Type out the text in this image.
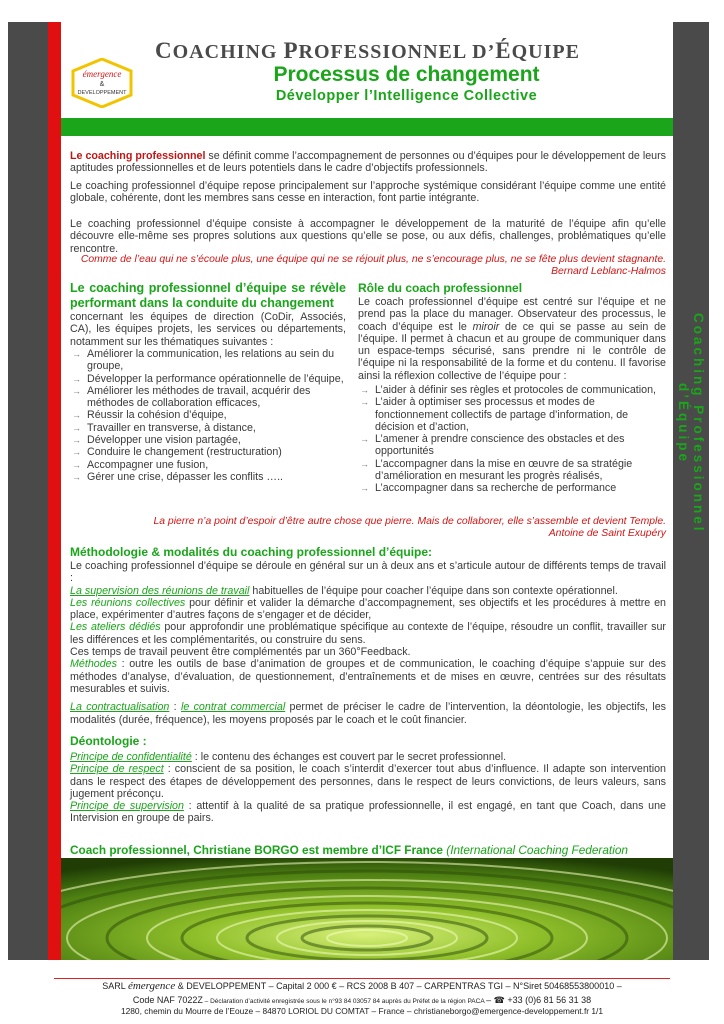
Coaching Professionnel d’Équipe
COACHING PROFESSIONNEL D’ÉQUIPE
émergence
&
DEVELOPPEMENT
Processus de changement
Développer l’Intelligence Collective
Le coaching professionnel se définit comme l’accompagnement de personnes ou d’équipes pour le développement de leurs aptitudes professionnelles et de leurs potentiels dans le cadre d’objectifs professionnels.
Le coaching professionnel d’équipe repose principalement sur l’approche systémique considérant l’équipe comme une entité globale, cohérente, dont les membres sans cesse en interaction, font partie intégrante.
Le coaching professionnel d’équipe consiste à accompagner le développement de la maturité de l’équipe afin qu’elle découvre elle-même ses propres solutions aux questions qu’elle se pose, ou aux défis, challenges, problématiques qu’elle rencontre.
Comme de l’eau qui ne s’écoule plus, une équipe qui ne se réjouit plus, ne s’encourage plus, ne se fête plus devient stagnante.
Bernard Leblanc-Halmos
Le coaching professionnel d’équipe se révèle performant dans la conduite du changement
concernant les équipes de direction (CoDir, Associés, CA), les équipes projets, les services ou départements, notamment sur les thématiques suivantes :
→ Améliorer la communication, les relations au sein du groupe,
→ Développer la performance opérationnelle de l’équipe,
→ Améliorer les méthodes de travail, acquérir des méthodes de collaboration efficaces,
→ Réussir la cohésion d’équipe,
→ Travailler en transverse, à distance,
→ Développer une vision partagée,
→ Conduire le changement (restructuration)
→ Accompagner une fusion,
→ Gérer une crise, dépasser les conflits …..
Rôle du coach professionnel
Le coach professionnel d’équipe est centré sur l’équipe et ne prend pas la place du manager. Observateur des processus, le coach d’équipe est le miroir de ce qui se passe au sein de l’équipe. Il permet à chacun et au groupe de communiquer dans un espace-temps sécurisé, sans prendre ni le contrôle de l’équipe ni la responsabilité de la forme et du contenu. Il favorise ainsi la réflexion collective de l’équipe pour :
→ L’aider à définir ses règles et protocoles de communication,
→ L’aider à optimiser ses processus et modes de fonctionnement collectifs de partage d’information, de décision et d’action,
→ L’amener à prendre conscience des obstacles et des opportunités
→ L’accompagner dans la mise en œuvre de sa stratégie d’amélioration en mesurant les progrès réalisés,
→ L’accompagner dans sa recherche de performance
La pierre n’a point d’espoir d’être autre chose que pierre. Mais de collaborer, elle s’assemble et devient Temple.
Antoine de Saint Exupéry
Méthodologie & modalités du coaching professionnel d’équipe:
Le coaching professionnel d’équipe se déroule en général sur un à deux ans et s’articule autour de différents temps de travail :
La supervision des réunions de travail habituelles de l’équipe pour coacher l’équipe dans son contexte opérationnel.
Les réunions collectives pour définir et valider la démarche d’accompagnement, ses objectifs et les procédures à mettre en place, expérimenter d’autres façons de s’engager et de décider,
Les ateliers dédiés pour approfondir une problématique spécifique au contexte de l’équipe, résoudre un conflit, travailler sur les différences et les complémentarités, ou construire du sens.
Ces temps de travail peuvent être complémentés par un 360°Feedback.
Méthodes : outre les outils de base d’animation de groupes et de communication, le coaching d’équipe s’appuie sur des méthodes d’analyse, d’évaluation, de questionnement, d’entraînements et de mises en œuvre, centrées sur des résultats mesurables et suivis.
La contractualisation : le contrat commercial permet de préciser le cadre de l’intervention, la déontologie, les objectifs, les modalités (durée, fréquence), les moyens proposés par le coach et le coût financier.
Déontologie :
Principe de confidentialité : le contenu des échanges est couvert par le secret professionnel.
Principe de respect : conscient de sa position, le coach s’interdit d’exercer tout abus d’influence. Il adapte son intervention dans le respect des étapes de développement des personnes, dans le respect de leurs convictions, de leurs valeurs, sans jugement préconçu.
Principe de supervision : attentif à la qualité de sa pratique professionnelle, il est engagé, en tant que Coach, dans une Intervision en groupe de pairs.
Coach professionnel, Christiane BORGO est membre d’ICF France (International Coaching Federation
SARL émergence & DEVELOPPEMENT – Capital 2 000 € – RCS 2008 B 407 – CARPENTRAS TGI – N°Siret 50468553800010 –
Code NAF 7022Z – Déclaration d’activité enregistrée sous le n°93 84 03057 84 auprès du Préfet de la région PACA – ☎ +33 (0)6 81 56 31 38
1280, chemin du Mourre de l’Eouze – 84870 LORIOL DU COMTAT – France – christianeborgo@emergence-developpement.fr 1/1
